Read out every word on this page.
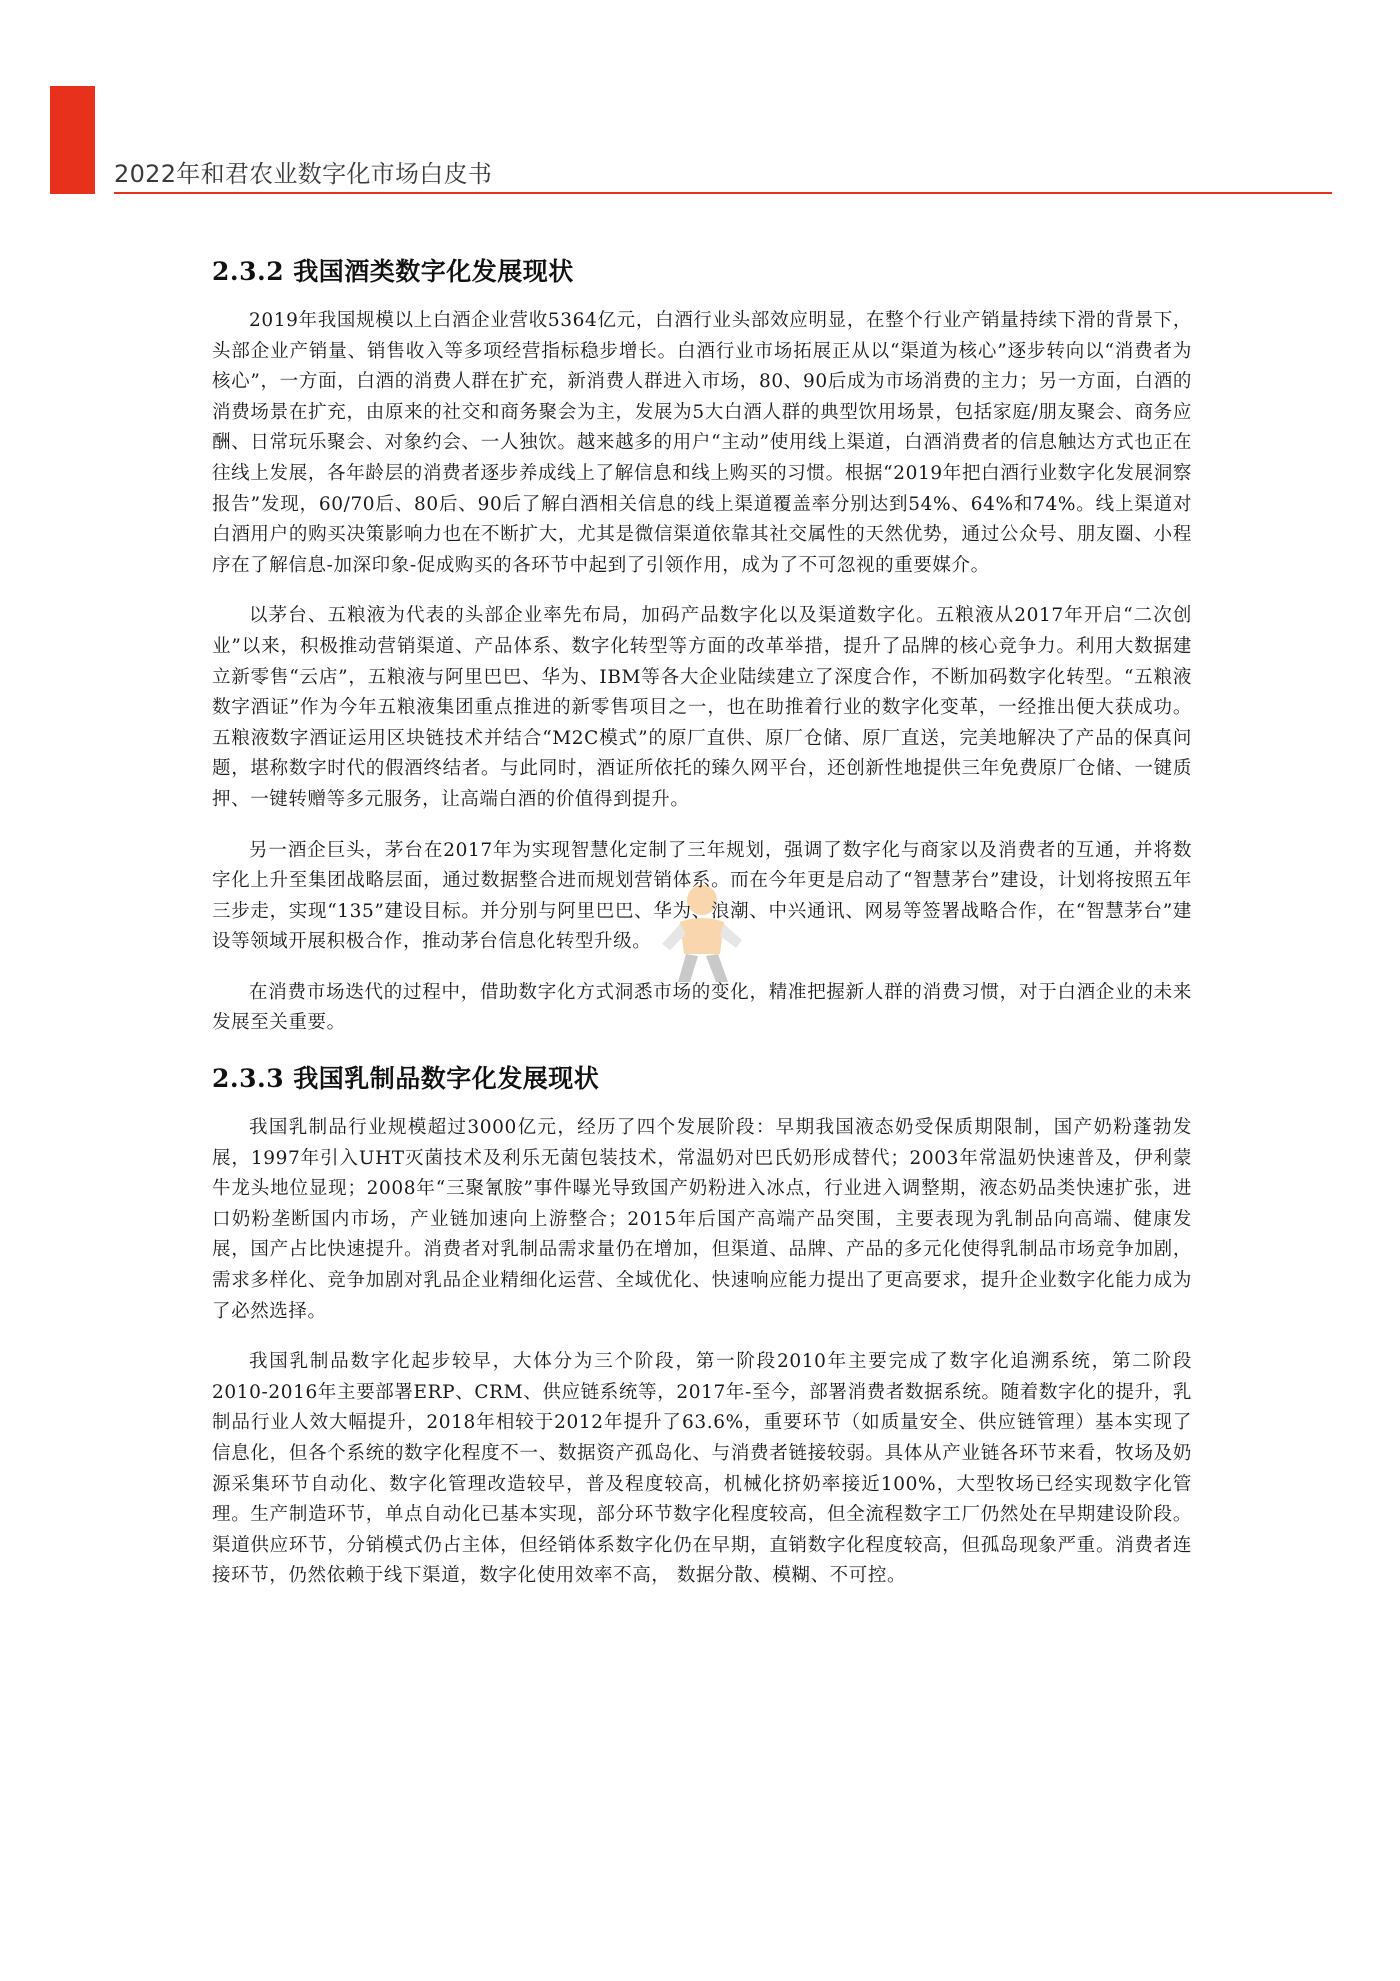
2022年和君农业数字化市场白皮书
2.3.2 我国酒类数字化发展现状

2019年我国规模以上白酒企业营收5364亿元，白酒行业头部效应明显，在整个行业产销量持续下滑的背景下，头部企业产销量、销售收入等多项经营指标稳步增长。白酒行业市场拓展正从以“渠道为核心”逐步转向以“消费者为核心”，一方面，白酒的消费人群在扩充，新消费人群进入市场，80、90后成为市场消费的主力；另一方面，白酒的消费场景在扩充，由原来的社交和商务聚会为主，发展为5大白酒人群的典型饮用场景，包括家庭/朋友聚会、商务应酬、日常玩乐聚会、对象约会、一人独饮。越来越多的用户“主动”使用线上渠道，白酒消费者的信息触达方式也正在往线上发展，各年龄层的消费者逐步养成线上了解信息和线上购买的习惯。根据“2019年把白酒行业数字化发展洞察报告”发现，60/70后、80后、90后了解白酒相关信息的线上渠道覆盖率分别达到54%、64%和74%。线上渠道对白酒用户的购买决策影响力也在不断扩大，尤其是微信渠道依靠其社交属性的天然优势，通过公众号、朋友圈、小程序在了解信息-加深印象-促成购买的各环节中起到了引领作用，成为了不可忽视的重要媒介。

以茅台、五粮液为代表的头部企业率先布局，加码产品数字化以及渠道数字化。五粮液从2017年开启“二次创业”以来，积极推动营销渠道、产品体系、数字化转型等方面的改革举措，提升了品牌的核心竞争力。利用大数据建立新零售“云店”，五粮液与阿里巴巴、华为、IBM等各大企业陆续建立了深度合作，不断加码数字化转型。“五粮液数字酒证”作为今年五粮液集团重点推进的新零售项目之一，也在助推着行业的数字化变革，一经推出便大获成功。五粮液数字酒证运用区块链技术并结合“M2C模式”的原厂直供、原厂仓储、原厂直送，完美地解决了产品的保真问题，堪称数字时代的假酒终结者。与此同时，酒证所依托的臻久网平台，还创新性地提供三年免费原厂仓储、一键质押、一键转赠等多元服务，让高端白酒的价值得到提升。

另一酒企巨头，茅台在2017年为实现智慧化定制了三年规划，强调了数字化与商家以及消费者的互通，并将数字化上升至集团战略层面，通过数据整合进而规划营销体系。而在今年更是启动了“智慧茅台”建设，计划将按照五年三步走，实现“135”建设目标。并分别与阿里巴巴、华为、浪潮、中兴通讯、网易等签署战略合作，在“智慧茅台”建设等领域开展积极合作，推动茅台信息化转型升级。

在消费市场迭代的过程中，借助数字化方式洞悉市场的变化，精准把握新人群的消费习惯，对于白酒企业的未来发展至关重要。

2.3.3 我国乳制品数字化发展现状

我国乳制品行业规模超过3000亿元，经历了四个发展阶段：早期我国液态奶受保质期限制，国产奶粉蓬勃发展，1997年引入UHT灭菌技术及利乐无菌包装技术，常温奶对巴氏奶形成替代；2003年常温奶快速普及，伊利蒙牛龙头地位显现；2008年“三聚氰胺”事件曝光导致国产奶粉进入冰点，行业进入调整期，液态奶品类快速扩张，进口奶粉垄断国内市场，产业链加速向上游整合；2015年后国产高端产品突围，主要表现为乳制品向高端、健康发展，国产占比快速提升。消费者对乳制品需求量仍在增加，但渠道、品牌、产品的多元化使得乳制品市场竞争加剧，需求多样化、竞争加剧对乳品企业精细化运营、全域优化、快速响应能力提出了更高要求，提升企业数字化能力成为了必然选择。

我国乳制品数字化起步较早，大体分为三个阶段，第一阶段2010年主要完成了数字化追溯系统，第二阶段2010-2016年主要部署ERP、CRM、供应链系统等，2017年-至今，部署消费者数据系统。随着数字化的提升，乳制品行业人效大幅提升，2018年相较于2012年提升了63.6%，重要环节（如质量安全、供应链管理）基本实现了信息化，但各个系统的数字化程度不一、数据资产孤岛化、与消费者链接较弱。具体从产业链各环节来看，牧场及奶源采集环节自动化、数字化管理改造较早，普及程度较高，机械化挤奶率接近100%，大型牧场已经实现数字化管理。生产制造环节，单点自动化已基本实现，部分环节数字化程度较高，但全流程数字工厂仍然处在早期建设阶段。渠道供应环节，分销模式仍占主体，但经销体系数字化仍在早期，直销数字化程度较高，但孤岛现象严重。消费者连接环节，仍然依赖于线下渠道，数字化使用效率不高， 数据分散、模糊、不可控。
